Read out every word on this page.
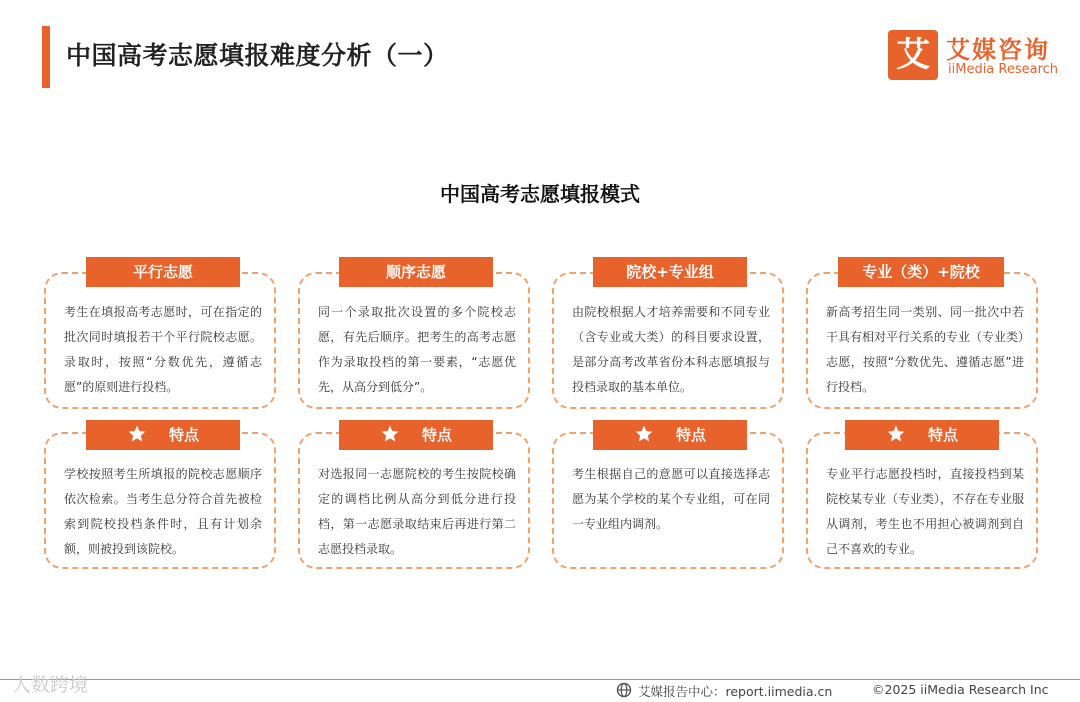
中国高考志愿填报难度分析（一）	艾 艾媒咨询
iiMedia Research
中国高考志愿填报模式
考生在填报高考志愿时，可在指定的批次同时填报若干个平行院校志愿。录取时，按照“分数优先，遵循志愿”的原则进行投档。
平行志愿
学校按照考生所填报的院校志愿顺序依次检索。当考生总分符合首先被检索到院校投档条件时，且有计划余额，则被投到该院校。
特点
同一个录取批次设置的多个院校志愿，有先后顺序。把考生的高考志愿作为录取投档的第一要素，“志愿优先，从高分到低分”。
顺序志愿
对选报同一志愿院校的考生按院校确定的调档比例从高分到低分进行投档，第一志愿录取结束后再进行第二志愿投档录取。
特点
由院校根据人才培养需要和不同专业（含专业或大类）的科目要求设置，是部分高考改革省份本科志愿填报与投档录取的基本单位。
院校+专业组
考生根据自己的意愿可以直接选择志愿为某个学校的某个专业组，可在同一专业组内调剂。
特点
新高考招生同一类别、同一批次中若干具有相对平行关系的专业（专业类）志愿，按照“分数优先、遵循志愿”进行投档。
专业（类）+院校
专业平行志愿投档时，直接投档到某院校某专业（专业类），不存在专业服从调剂，考生也不用担心被调剂到自己不喜欢的专业。
特点
人数跨境	艾媒报告中心：report.iimedia.cn	©2025 iiMedia Research Inc
